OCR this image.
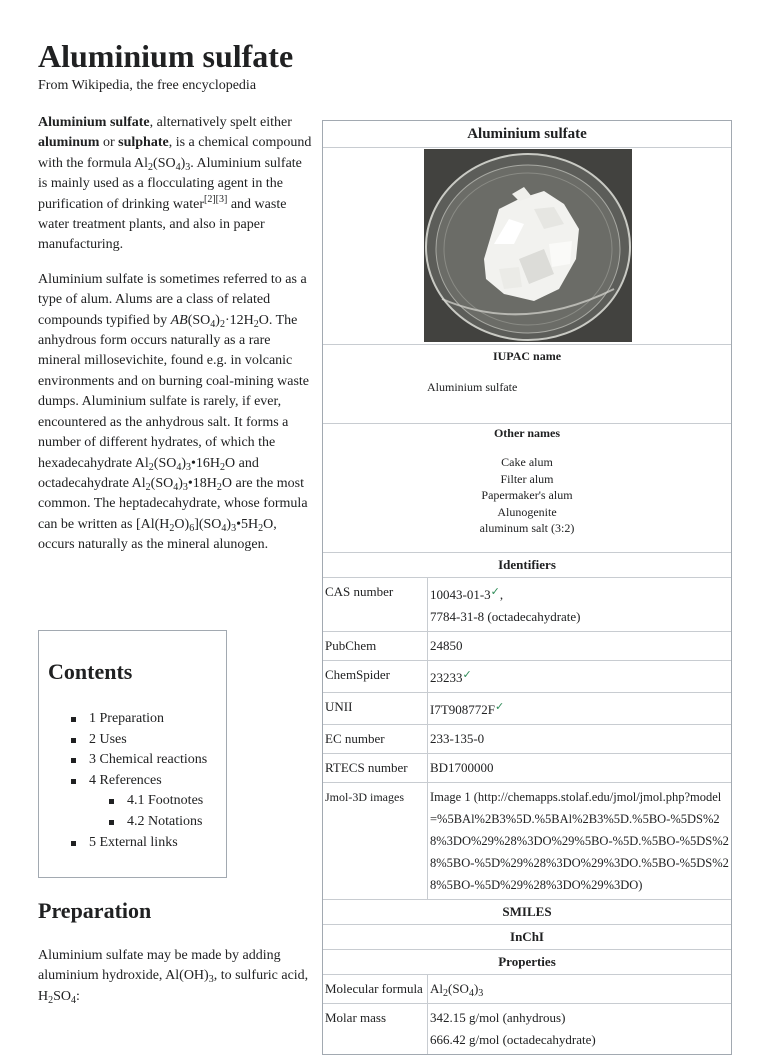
Aluminium sulfate
From Wikipedia, the free encyclopedia

Aluminium sulfate, alternatively spelt either aluminum or sulphate, is a chemical compound with the formula $Al_2(SO_4)_3$. Aluminium sulfate is mainly used as a flocculating agent in the purification of drinking water[2][3] and waste water treatment plants, and also in paper manufacturing.

Aluminium sulfate is sometimes referred to as a type of alum. Alums are a class of related compounds typified by $AB(SO_4)_2\cdot 12H_2O$. The anhydrous form occurs naturally as a rare mineral millosevichite, found e.g. in volcanic environments and on burning coal-mining waste dumps. Aluminium sulfate is rarely, if ever, encountered as the anhydrous salt. It forms a number of different hydrates, of which the hexadecahydrate $Al_2(SO_4)_3•16H_2O$ and octadecahydrate $Al_2(SO_4)_3•18H_2O$ are the most common. The heptadecahydrate, whose formula can be written as $[Al(H_2O)_6](SO_4)_3•5H_2O$, occurs naturally as the mineral alunogen.

Contents
1 Preparation
2 Uses
3 Chemical reactions
4 References
4.1 Footnotes
4.2 Notations
5 External links
Preparation

Aluminium sulfate may be made by adding aluminium hydroxide, $Al(OH)_3$, to sulfuric acid, $H_2SO_4$:

Aluminium sulfate
IUPAC name
Aluminium sulfate
Other names
Cake alum
Filter alum
Papermaker's alum
Alunogenite
aluminum salt (3:2)
Identifiers
CAS number	10043-01-3✓,
7784-31-8 (octadecahydrate)
PubChem	24850
ChemSpider	23233✓
UNII	I7T908772F✓
EC number	233-135-0
RTECS number	BD1700000
Jmol-3D images	Image 1 (http://chemapps.stolaf.edu/jmol/jmol.php?model=%5BAl%2B3%5D.%5BAl%2B3%5D.%5BO-%5DS%28%3DO%29%28%3DO%29%5BO-%5D.%5BO-%5DS%28%5BO-%5D%29%28%3DO%29%3DO.%5BO-%5DS%28%5BO-%5D%29%28%3DO%29%3DO)
SMILES
InChI
Properties
Molecular formula $Al_2(SO_4)_3$
Molar mass	342.15 g/mol (anhydrous)
666.42 g/mol (octadecahydrate)
